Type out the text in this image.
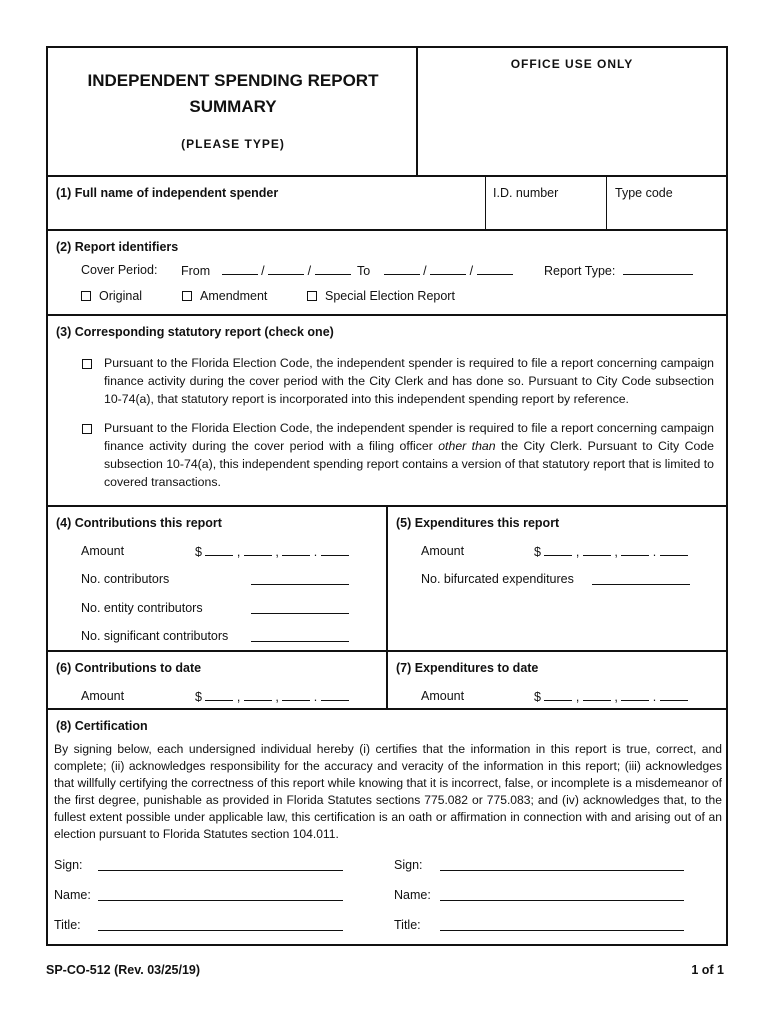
INDEPENDENT SPENDING REPORT
SUMMARY
(PLEASE TYPE)
OFFICE USE ONLY
(1) Full name of independent spender	I.D. number	Type code
(2) Report identifiers
Cover Period: From	/	/	To	/	/	Report Type:
Original	Amendment	Special Election Report
(3) Corresponding statutory report (check one)
Pursuant to the Florida Election Code, the independent spender is required to file a report concerning campaign finance activity during the cover period with the City Clerk and has done so. Pursuant to City Code subsection 10-74(a), that statutory report is incorporated into this independent spending report by reference.
Pursuant to the Florida Election Code, the independent spender is required to file a report concerning campaign finance activity during the cover period with a filing officer other than the City Clerk. Pursuant to City Code subsection 10-74(a), this independent spending report contains a version of that statutory report that is limited to covered transactions.
(4) Contributions this report
Amount	$	,  ,  .
No. contributors
No. entity contributors
No. significant contributors
(5) Expenditures this report
Amount	$	,  ,  .
No. bifurcated expenditures
(6) Contributions to date
Amount	$	,  ,  .
(7) Expenditures to date
Amount	$	,  ,  .
(8) Certification
By signing below, each undersigned individual hereby (i) certifies that the information in this report is true, correct, and complete; (ii) acknowledges responsibility for the accuracy and veracity of the information in this report; (iii) acknowledges that willfully certifying the correctness of this report while knowing that it is incorrect, false, or incomplete is a misdemeanor of the first degree, punishable as provided in Florida Statutes sections 775.082 or 775.083; and (iv) acknowledges that, to the fullest extent possible under applicable law, this certification is an oath or affirmation in connection with and arising out of an election pursuant to Florida Statutes section 104.011.
Sign:	Sign:
Name:	Name:
Title:	Title:
SP-CO-512 (Rev. 03/25/19)	1 of 1
